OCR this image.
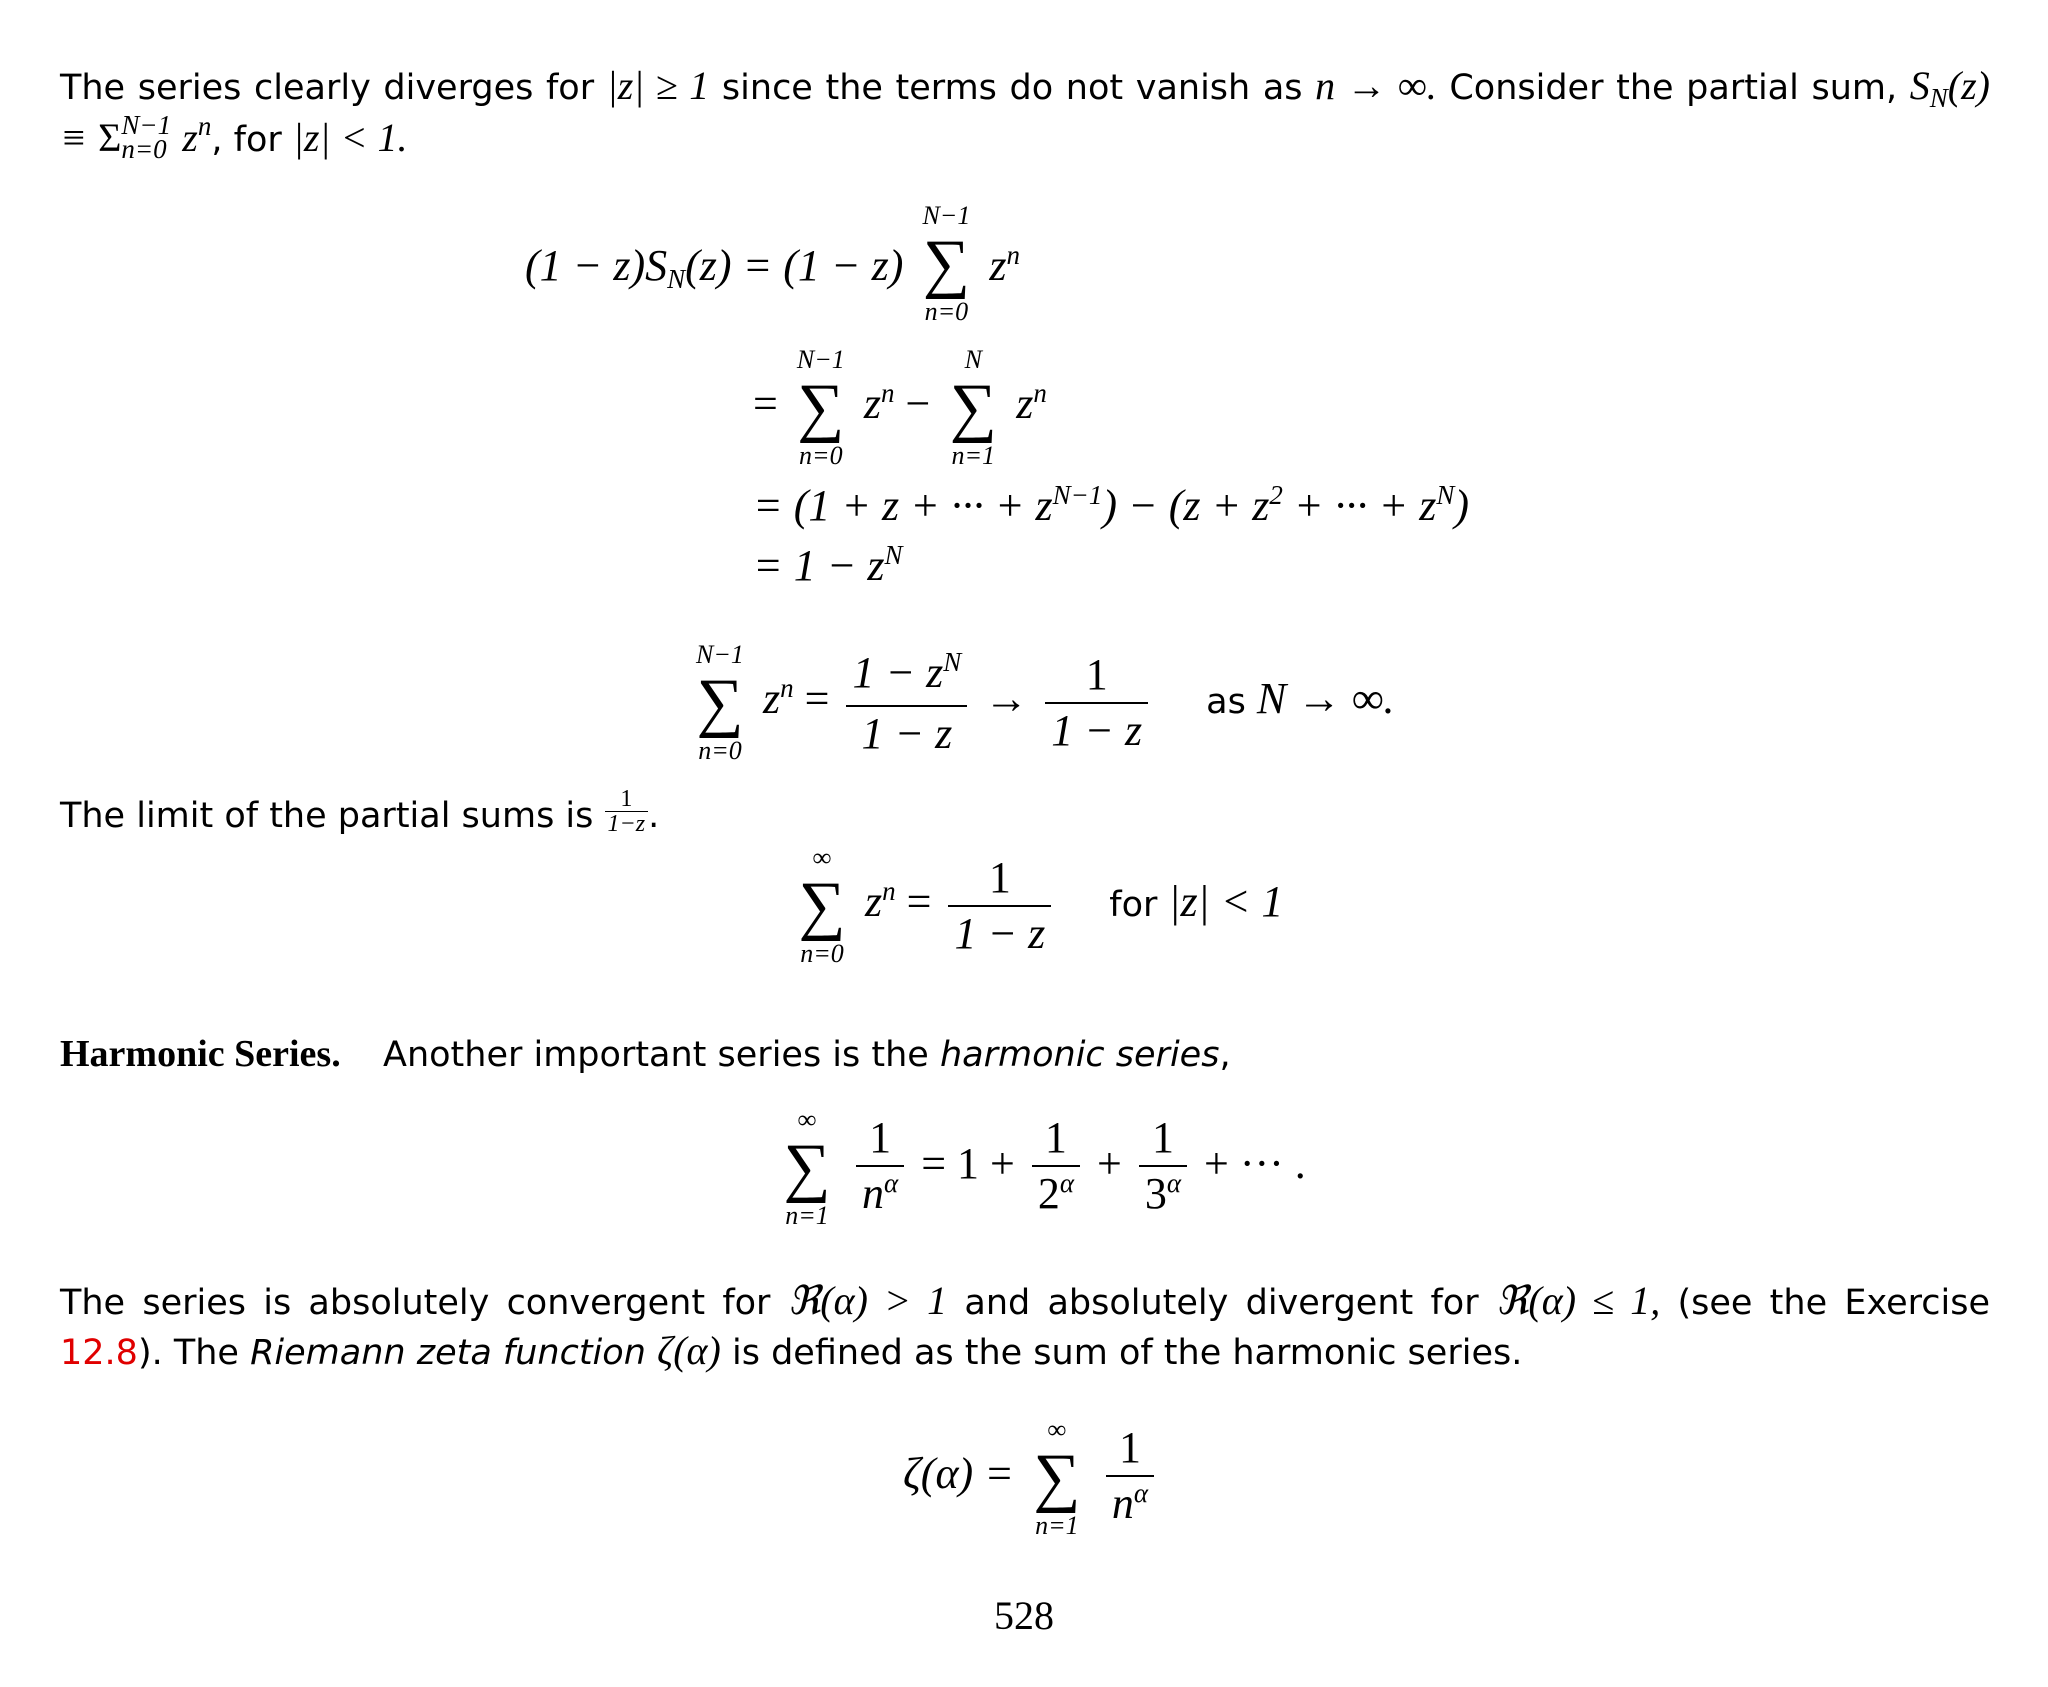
The series clearly diverges for |z| ≥ 1 since the terms do not vanish as n → ∞. Consider the partial sum, $S_N(z) \equiv \Sigma$ N−1
n=0 $z^n$, for |z| < 1.
(1 − z)SN(z) = (1 − z)
N−1
∑
n=0
$z^n$
=
N−1
∑
n=0
$z^n$ −
N
∑
n=1
$z^n$
= (1 + z + ··· + $z^{N-1}) - (z + z^2$ + ··· + $z^N$)
= $1 - z^N$
N−1
∑
n=0
$z^n = \frac{1 - z^N}{1 - z} \to \frac{1}{1 - z}$ as N → ∞.
The limit of the partial sums is $\frac{1}{1-z}$ .
∞
∑
n=0
$z^n = \frac{1}{1 - z}$ for |z| < 1
Harmonic Series. Another important series is the harmonic series,
∞
∑
n=1
$\frac{1}{n^\alpha} = 1 + \frac{1}{2^\alpha} + \frac{1}{3^\alpha}$ + ··· .
The series is absolutely convergent for ℜ(α) > 1 and absolutely divergent for ℜ(α) ≤ 1, (see the Exercise 12.8). The Riemann zeta function ζ(α) is defined as the sum of the harmonic series.
ζ(α) =
∞
∑
n=1
$\frac{1}{n^\alpha}$
528
